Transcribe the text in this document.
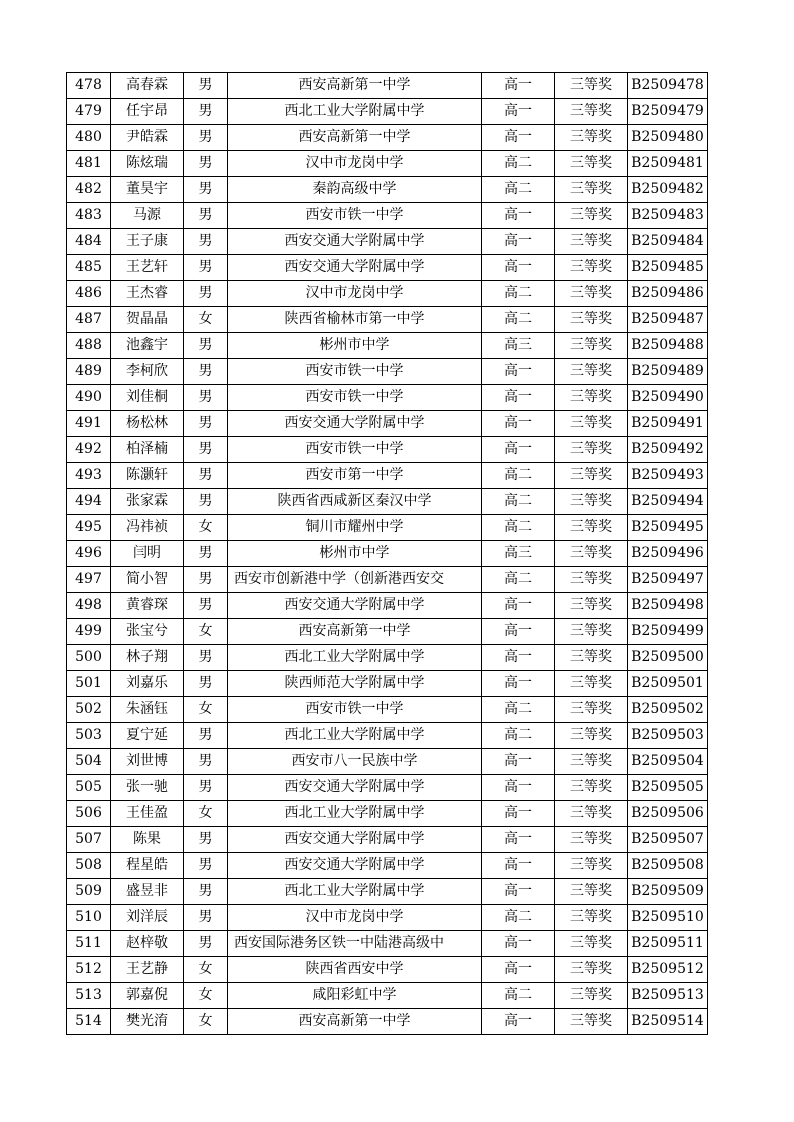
478	高春霖	男	西安高新第一中学	高一	三等奖	B2509478
479	任宇昂	男	西北工业大学附属中学	高一	三等奖	B2509479
480	尹皓霖	男	西安高新第一中学	高一	三等奖	B2509480
481	陈炫瑞	男	汉中市龙岗中学	高二	三等奖	B2509481
482	董昊宇	男	秦韵高级中学	高二	三等奖	B2509482
483	马源	男	西安市铁一中学	高一	三等奖	B2509483
484	王子康	男	西安交通大学附属中学	高一	三等奖	B2509484
485	王艺轩	男	西安交通大学附属中学	高一	三等奖	B2509485
486	王杰睿	男	汉中市龙岗中学	高二	三等奖	B2509486
487	贺晶晶	女	陕西省榆林市第一中学	高二	三等奖	B2509487
488	池鑫宇	男	彬州市中学	高三	三等奖	B2509488
489	李柯欣	男	西安市铁一中学	高一	三等奖	B2509489
490	刘佳桐	男	西安市铁一中学	高一	三等奖	B2509490
491	杨松林	男	西安交通大学附属中学	高一	三等奖	B2509491
492	柏泽楠	男	西安市铁一中学	高一	三等奖	B2509492
493	陈灏轩	男	西安市第一中学	高二	三等奖	B2509493
494	张家霖	男	陕西省西咸新区秦汉中学	高二	三等奖	B2509494
495	冯祎祯	女	铜川市耀州中学	高二	三等奖	B2509495
496	闫明	男	彬州市中学	高三	三等奖	B2509496
497	简小智	男	西安市创新港中学（创新港西安交	高二	三等奖	B2509497
498	黄睿琛	男	西安交通大学附属中学	高一	三等奖	B2509498
499	张宝兮	女	西安高新第一中学	高一	三等奖	B2509499
500	林子翔	男	西北工业大学附属中学	高一	三等奖	B2509500
501	刘嘉乐	男	陕西师范大学附属中学	高一	三等奖	B2509501
502	朱涵钰	女	西安市铁一中学	高二	三等奖	B2509502
503	夏宁延	男	西北工业大学附属中学	高二	三等奖	B2509503
504	刘世博	男	西安市八一民族中学	高一	三等奖	B2509504
505	张一驰	男	西安交通大学附属中学	高一	三等奖	B2509505
506	王佳盈	女	西北工业大学附属中学	高一	三等奖	B2509506
507	陈果	男	西安交通大学附属中学	高一	三等奖	B2509507
508	程星皓	男	西安交通大学附属中学	高一	三等奖	B2509508
509	盛昱非	男	西北工业大学附属中学	高一	三等奖	B2509509
510	刘洋辰	男	汉中市龙岗中学	高二	三等奖	B2509510
511	赵梓敬	男	西安国际港务区铁一中陆港高级中	高一	三等奖	B2509511
512	王艺静	女	陕西省西安中学	高一	三等奖	B2509512
513	郭嘉倪	女	咸阳彩虹中学	高二	三等奖	B2509513
514	樊光淯	女	西安高新第一中学	高一	三等奖	B2509514
